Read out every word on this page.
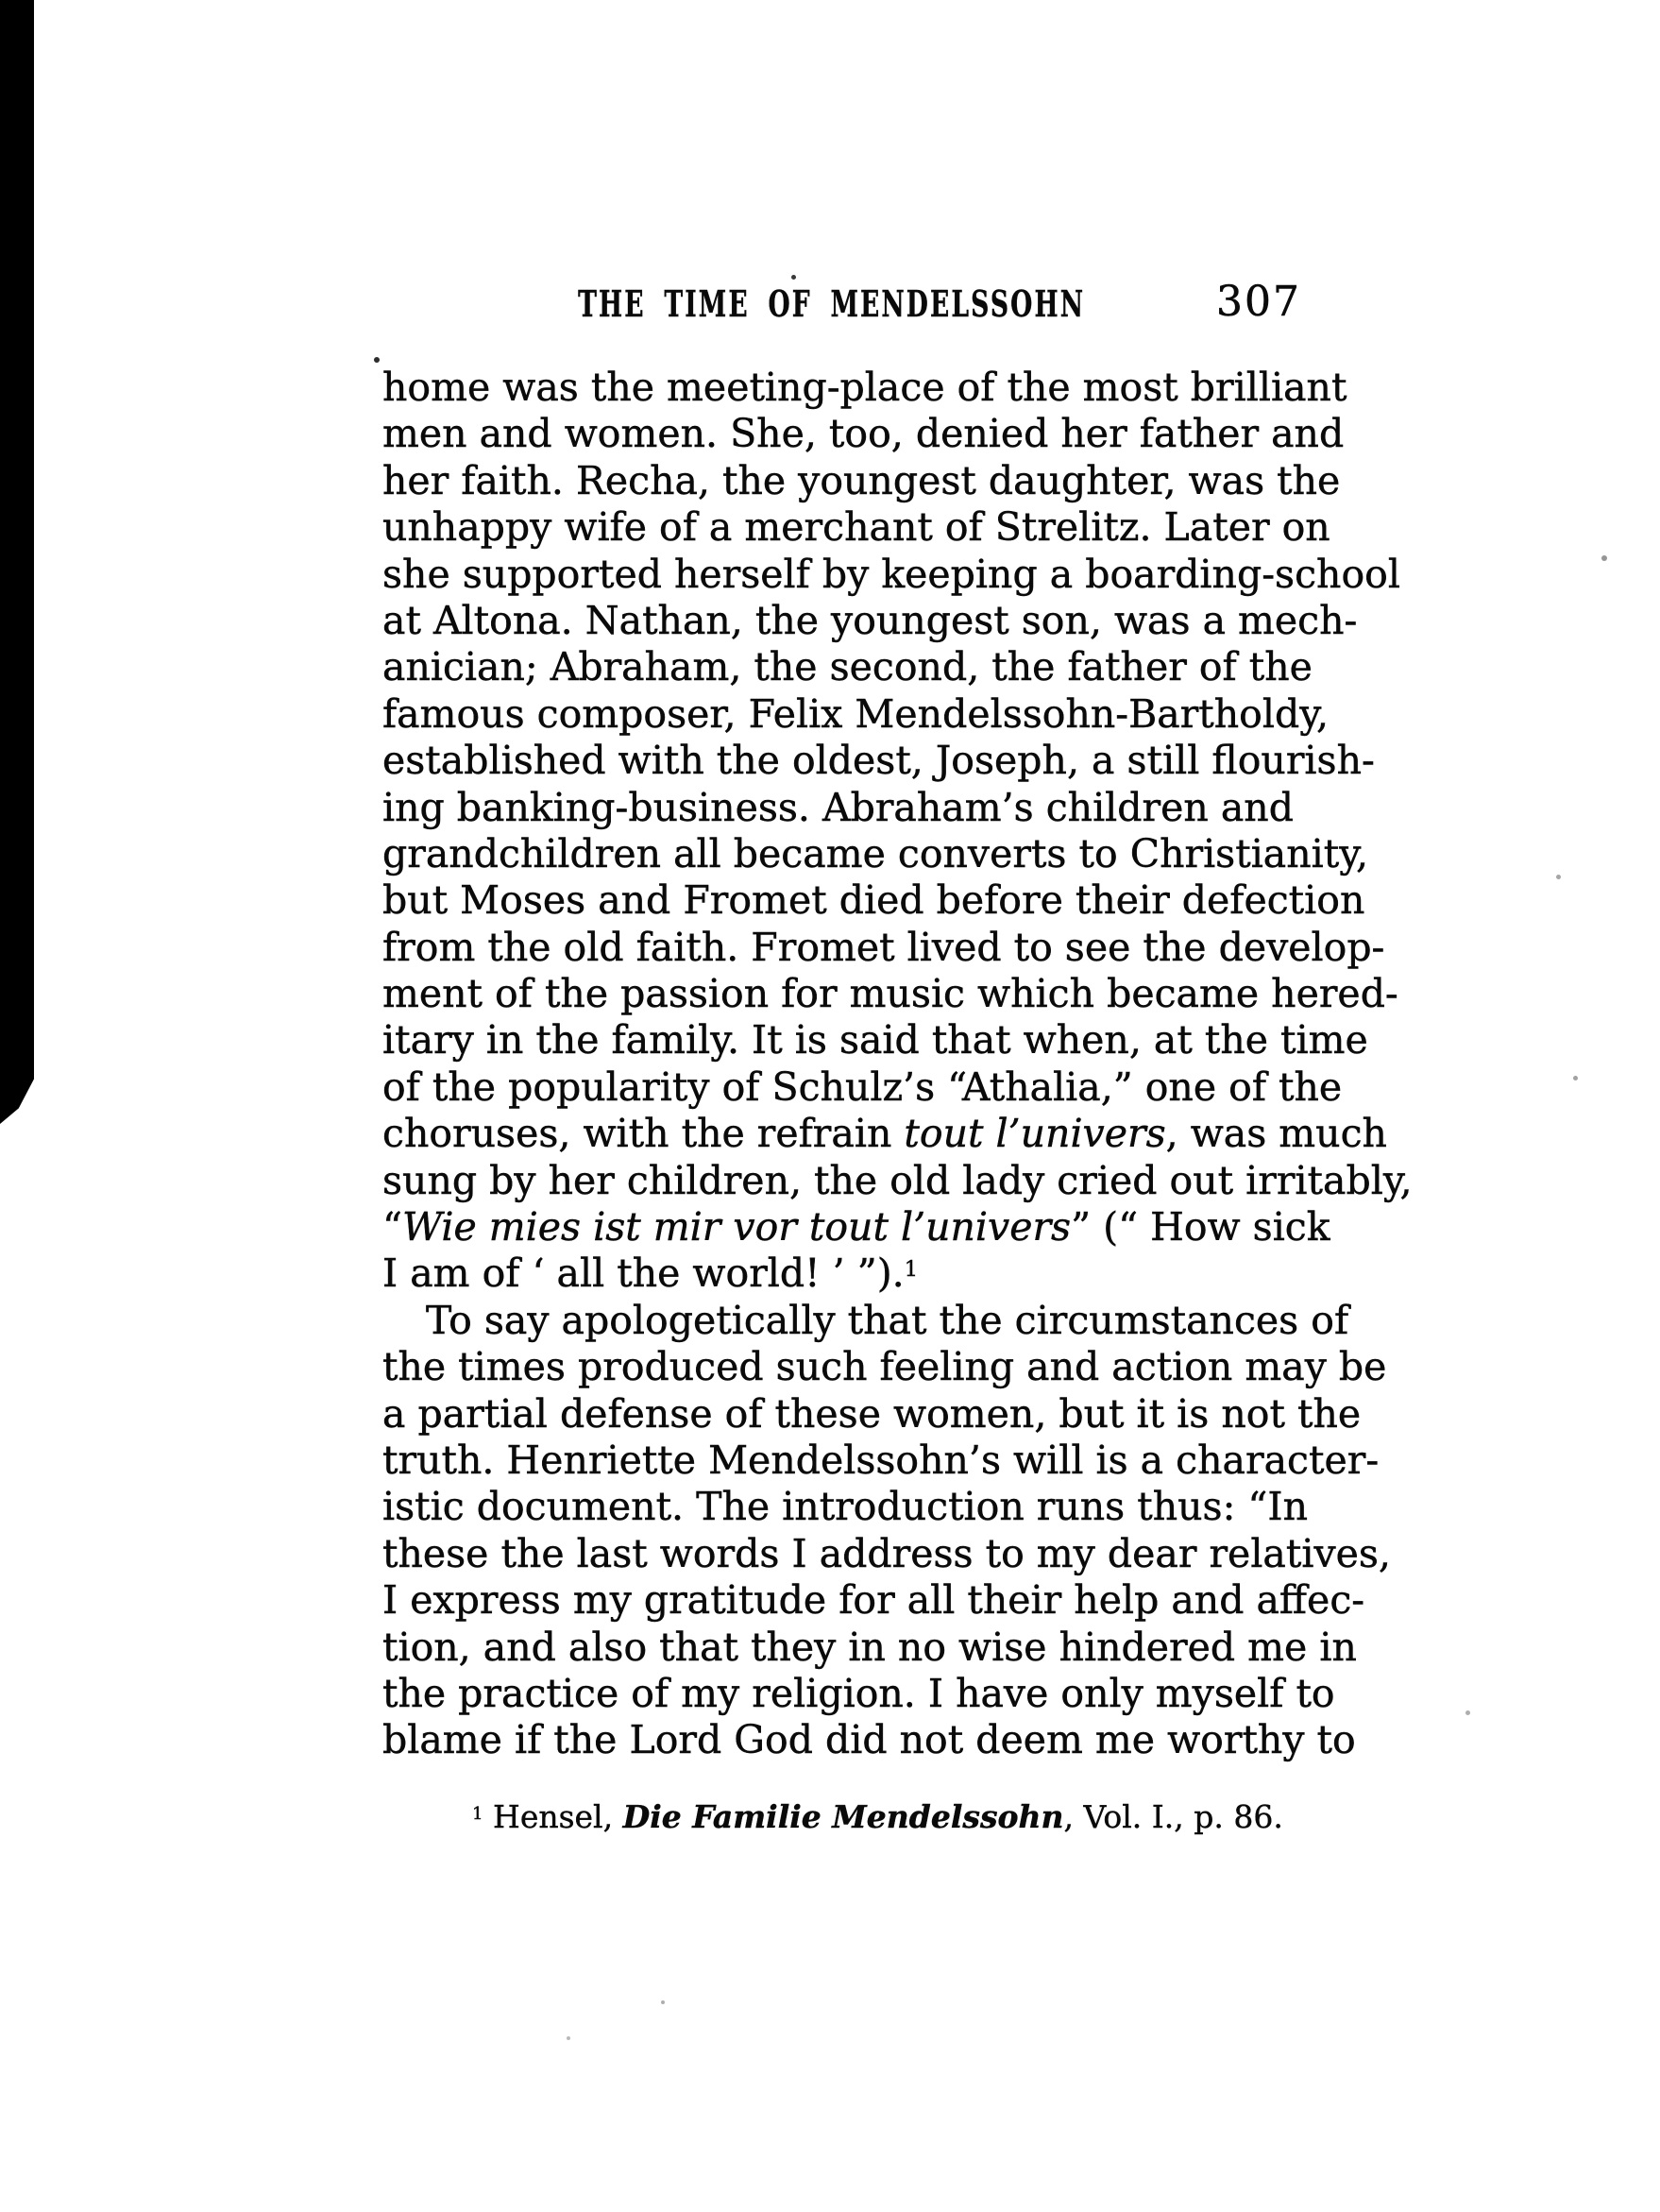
THE TIME OF MENDELSSOHN	307
home was the meeting-place of the most brilliant
men and women. She, too, denied her father and
her faith. Recha, the youngest daughter, was the
unhappy wife of a merchant of Strelitz. Later on
she supported herself by keeping a boarding-school
at Altona. Nathan, the youngest son, was a mech-
anician; Abraham, the second, the father of the
famous composer, Felix Mendelssohn-Bartholdy,
established with the oldest, Joseph, a still flourish-
ing banking-business. Abraham’s children and
grandchildren all became converts to Christianity,
but Moses and Fromet died before their defection
from the old faith. Fromet lived to see the develop-
ment of the passion for music which became hered-
itary in the family. It is said that when, at the time
of the popularity of Schulz’s “Athalia,” one of the
choruses, with the refrain tout l’univers, was much
sung by her children, the old lady cried out irritably,
“Wie mies ist mir vor tout l’univers” (“ How sick
I am of ‘ all the world! ’ ”).$^1$
To say apologetically that the circumstances of
the times produced such feeling and action may be
a partial defense of these women, but it is not the
truth. Henriette Mendelssohn’s will is a character-
istic document. The introduction runs thus: “In
these the last words I address to my dear relatives,
I express my gratitude for all their help and affec-
tion, and also that they in no wise hindered me in
the practice of my religion. I have only myself to
blame if the Lord God did not deem me worthy to
$^1$ Hensel, Die Familie Mendelssohn, Vol. I., p. 86.
